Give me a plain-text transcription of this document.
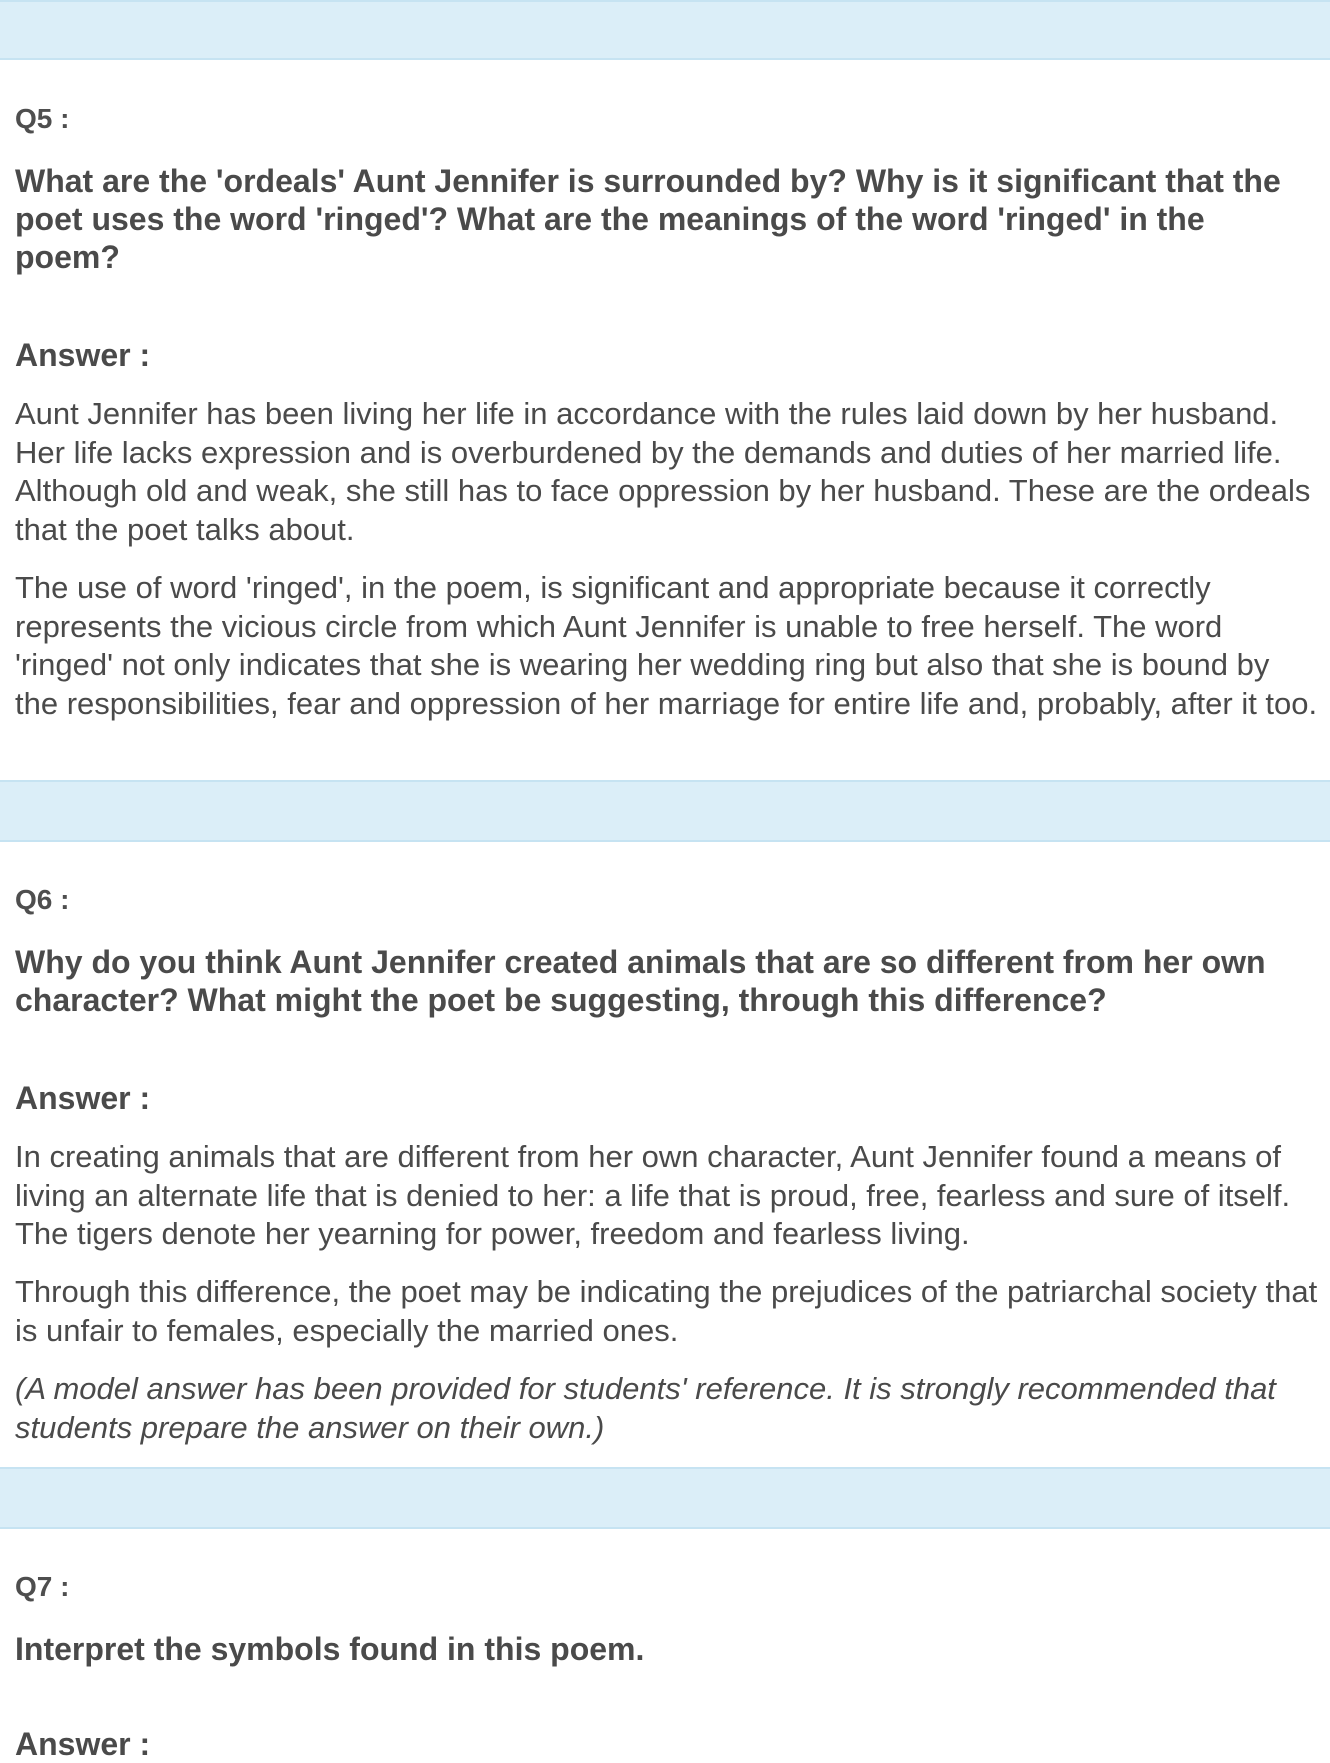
Q5 :

What are the 'ordeals' Aunt Jennifer is surrounded by? Why is it significant that the poet uses the word 'ringed'? What are the meanings of the word 'ringed' in the poem?

Answer :

Aunt Jennifer has been living her life in accordance with the rules laid down by her husband. Her life lacks expression and is overburdened by the demands and duties of her married life. Although old and weak, she still has to face oppression by her husband. These are the ordeals that the poet talks about.

The use of word 'ringed', in the poem, is significant and appropriate because it correctly represents the vicious circle from which Aunt Jennifer is unable to free herself. The word 'ringed' not only indicates that she is wearing her wedding ring but also that she is bound by the responsibilities, fear and oppression of her marriage for entire life and, probably, after it too.

Q6 :

Why do you think Aunt Jennifer created animals that are so different from her own character? What might the poet be suggesting, through this difference?

Answer :

In creating animals that are different from her own character, Aunt Jennifer found a means of living an alternate life that is denied to her: a life that is proud, free, fearless and sure of itself. The tigers denote her yearning for power, freedom and fearless living.

Through this difference, the poet may be indicating the prejudices of the patriarchal society that is unfair to females, especially the married ones.

(A model answer has been provided for students' reference. It is strongly recommended that students prepare the answer on their own.)

Q7 :

Interpret the symbols found in this poem.

Answer :
